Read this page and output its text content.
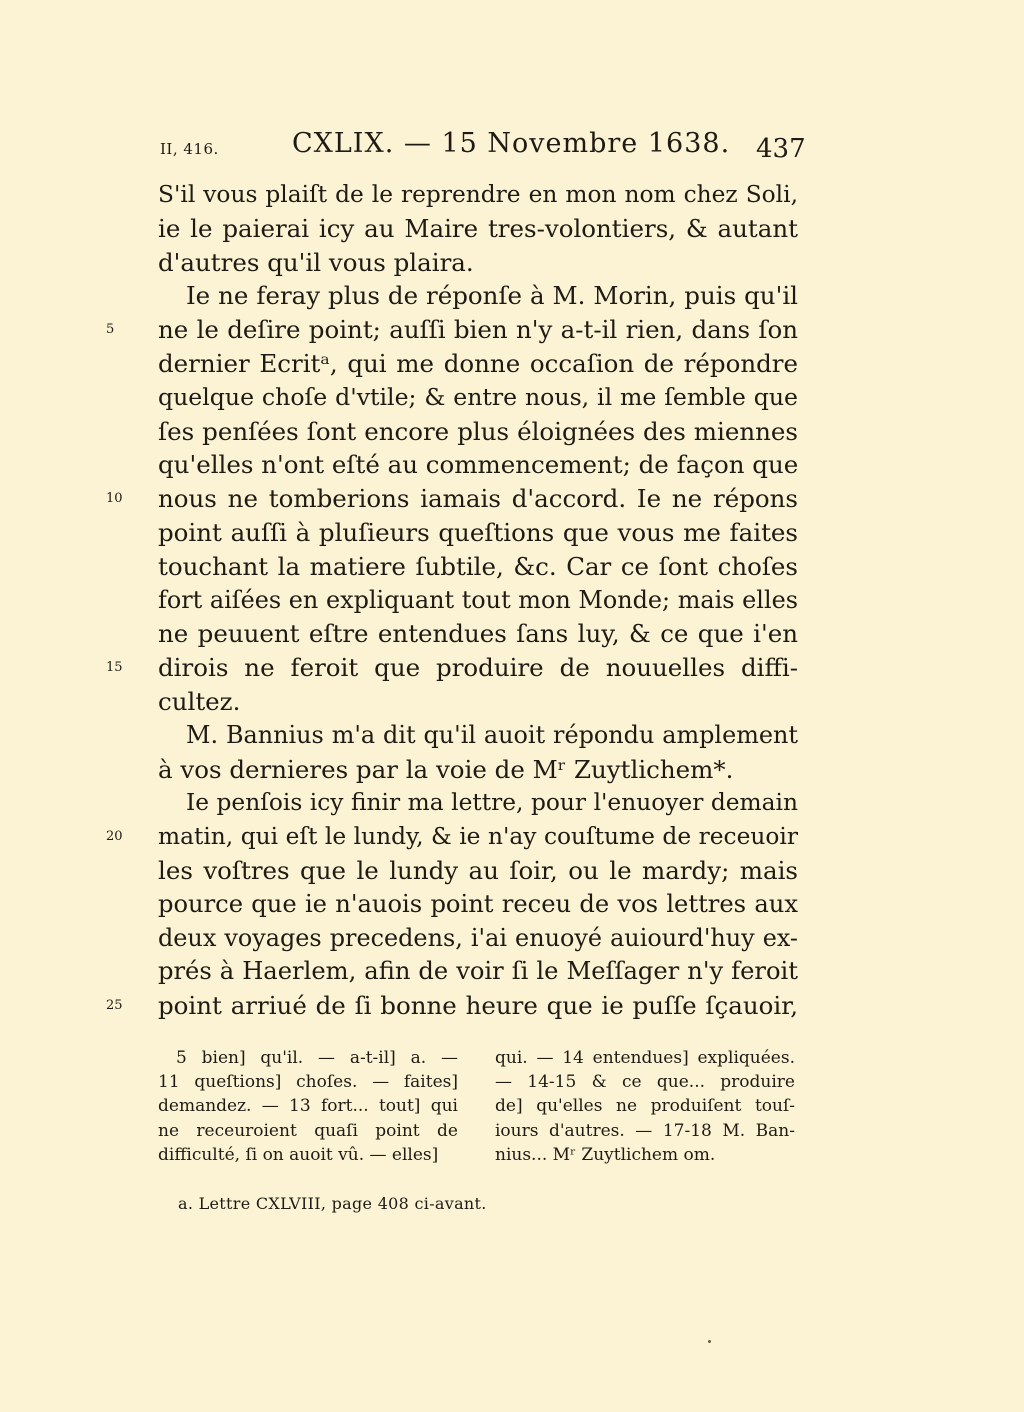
II, 416.	CXLIX. — 15 Novembre 1638. 437
S'il vous plaiſt de le reprendre en mon nom chez Soli,
ie le paierai icy au Maire tres-volontiers, & autant
d'autres qu'il vous plaira.
Ie ne feray plus de réponſe à M. Morin, puis qu'il
5	ne le deſire point; auſſi bien n'y a-t-il rien, dans ſon
dernier Ecritᵃ, qui me donne occaſion de répondre
quelque choſe d'vtile; & entre nous, il me ſemble que
ſes penſées ſont encore plus éloignées des miennes
qu'elles n'ont eſté au commencement; de façon que
10 nous ne tomberions iamais d'accord. Ie ne répons
point auſſi à pluſieurs queſtions que vous me faites
touchant la matiere ſubtile, &c. Car ce ſont choſes
fort aiſées en expliquant tout mon Monde; mais elles
ne peuuent eſtre entendues ſans luy, & ce que i'en
15 dirois ne feroit que produire de nouuelles diffi-
cultez.
M. Bannius m'a dit qu'il auoit répondu amplement
à vos dernieres par la voie de Mʳ Zuytlichem*.
Ie penſois icy finir ma lettre, pour l'enuoyer demain
20 matin, qui eſt le lundy, & ie n'ay couſtume de receuoir
les voſtres que le lundy au ſoir, ou le mardy; mais
pource que ie n'auois point receu de vos lettres aux
deux voyages precedens, i'ai enuoyé auiourd'huy ex-
prés à Haerlem, afin de voir ſi le Meſſager n'y feroit
25 point arriué de ſi bonne heure que ie puſſe ſçauoir,
5 bien] qu'il. — a-t-il] a. —
11 queſtions] choſes. — faites]
demandez. — 13 fort... tout] qui
ne receuroient quaſi point de
difficulté, ſi on auoit vû. — elles]
qui. — 14 entendues] expliquées.
— 14-15 & ce que... produire
de] qu'elles ne produiſent touſ-
iours d'autres. — 17-18 M. Ban-
nius... Mʳ Zuytlichem om.
a. Lettre CXLVIII, page 408 ci-avant.
